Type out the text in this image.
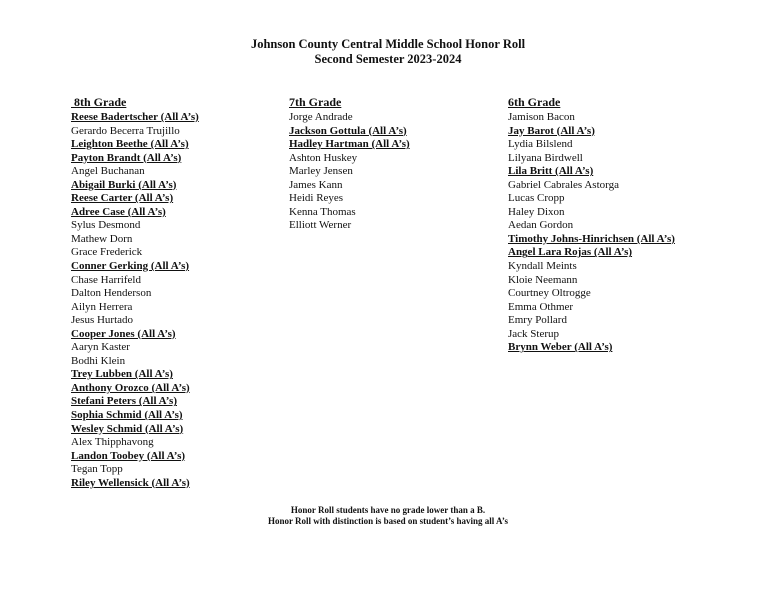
Johnson County Central Middle School Honor Roll
Second Semester 2023-2024
8th Grade
Reese Badertscher (All A’s)
Gerardo Becerra Trujillo
Leighton Beethe (All A’s)
Payton Brandt (All A’s)
Angel Buchanan
Abigail Burki (All A’s)
Reese Carter (All A’s)
Adree Case (All A’s)
Sylus Desmond
Mathew Dorn
Grace Frederick
Conner Gerking (All A’s)
Chase Harrifeld
Dalton Henderson
Ailyn Herrera
Jesus Hurtado
Cooper Jones (All A’s)
Aaryn Kaster
Bodhi Klein
Trey Lubben (All A’s)
Anthony Orozco (All A’s)
Stefani Peters (All A’s)
Sophia Schmid (All A’s)
Wesley Schmid (All A’s)
Alex Thipphavong
Landon Toobey (All A’s)
Tegan Topp
Riley Wellensick (All A’s)
7th Grade
Jorge Andrade
Jackson Gottula (All A’s)
Hadley Hartman (All A’s)
Ashton Huskey
Marley Jensen
James Kann
Heidi Reyes
Kenna Thomas
Elliott Werner
6th Grade
Jamison Bacon
Jay Barot (All A’s)
Lydia Bilslend
Lilyana Birdwell
Lila Britt (All A’s)
Gabriel Cabrales Astorga
Lucas Cropp
Haley Dixon
Aedan Gordon
Timothy Johns-Hinrichsen (All A’s)
Angel Lara Rojas (All A’s)
Kyndall Meints
Kloie Neemann
Courtney Oltrogge
Emma Othmer
Emry Pollard
Jack Sterup
Brynn Weber (All A’s)
Honor Roll students have no grade lower than a B.
Honor Roll with distinction is based on student’s having all A’s
